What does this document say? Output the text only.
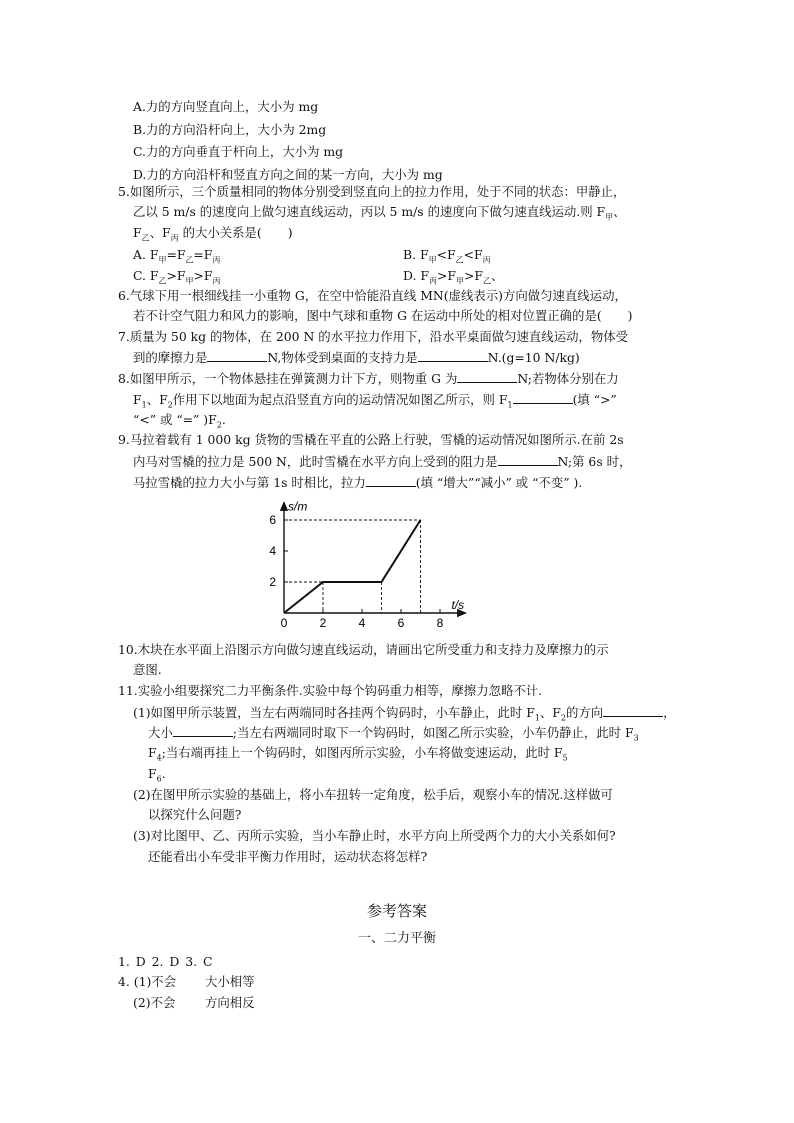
A.力的方向竖直向上，大小为 mg
B.力的方向沿杆向上，大小为 2mg
C.力的方向垂直于杆向上，大小为 mg
D.力的方向沿杆和竖直方向之间的某一方向，大小为 mg
5.如图所示，三个质量相同的物体分别受到竖直向上的拉力作用，处于不同的状态：甲静止，
乙以 5 m/s 的速度向上做匀速直线运动，丙以 5 m/s 的速度向下做匀速直线运动.则 $F_甲$、
$F_乙$、$F_丙$ 的大小关系是( )
A. $F_甲=F_乙=F_丙$	B. $F_甲<F_乙<F_丙$
C. $F_乙>F_甲>F_丙$	D. $F_丙>F_甲>F_乙$、
6.气球下用一根细线挂一小重物 G，在空中恰能沿直线 MN(虚线表示)方向做匀速直线运动，
若不计空气阻力和风力的影响，图中气球和重物 G 在运动中所处的相对位置正确的是( )
7.质量为 50 kg 的物体，在 200 N 的水平拉力作用下，沿水平桌面做匀速直线运动，物体受
到的摩擦力是	N,物体受到桌面的支持力是	N.(g=10 N/kg)
8.如图甲所示，一个物体悬挂在弹簧测力计下方，则物重 G 为	N;若物体分别在力
$F_1$、$F_2$作用下以地面为起点沿竖直方向的运动情况如图乙所示，则 $F_1$	(填 “>”
“<” 或 “=” )$F_2$.
9.马拉着载有 1 000 kg 货物的雪橇在平直的公路上行驶，雪橇的运动情况如图所示.在前 2s
内马对雪橇的拉力是 500 N，此时雪橇在水平方向上受到的阻力是	N;第 6s 时，
马拉雪橇的拉力大小与第 1s 时相比，拉力	(填 “增大”“减小” 或 “不变” ).
t/s
s/m
0	2	4	6	8
2
4
6
10.木块在水平面上沿图示方向做匀速直线运动，请画出它所受重力和支持力及摩擦力的示
意图.
11.实验小组要探究二力平衡条件.实验中每个钩码重力相等，摩擦力忽略不计.
(1)如图甲所示装置，当左右两端同时各挂两个钩码时，小车静止，此时 $F_1$、$F_2$的方向	，
大小	;当左右两端同时取下一个钩码时，如图乙所示实验，小车仍静止，此时 $F_3$
$F_4$;当右端再挂上一个钩码时，如图丙所示实验，小车将做变速运动，此时 $F_5$
$F_6$.
(2)在图甲所示实验的基础上，将小车扭转一定角度，松手后，观察小车的情况.这样做可
以探究什么问题?
(3)对比图甲、乙、丙所示实验，当小车静止时，水平方向上所受两个力的大小关系如何?
还能看出小车受非平衡力作用时，运动状态将怎样?
参考答案
一、二力平衡
1. D 2. D 3. C
4. (1)不会 大小相等
(2)不会 方向相反
